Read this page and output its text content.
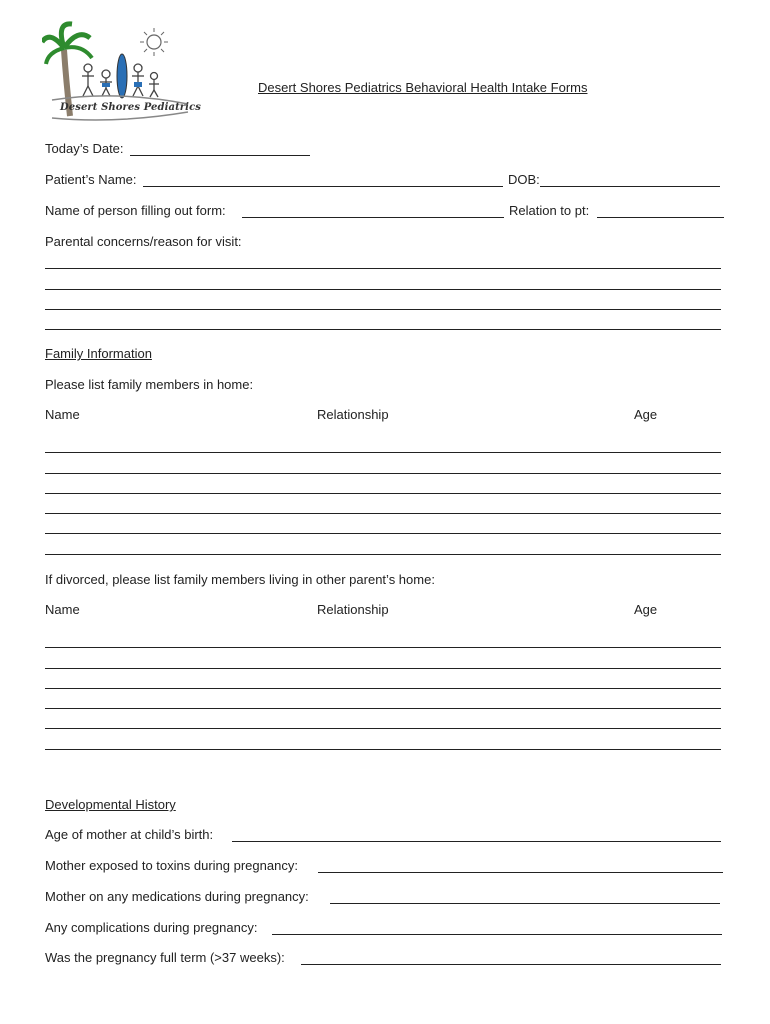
Desert Shores Pediatrics
Desert Shores Pediatrics Behavioral Health Intake Forms
Today’s Date:
Patient’s Name:	DOB:
Name of person filling out form:	Relation to pt:
Parental concerns/reason for visit:
Family Information
Please list family members in home:
Name	Relationship	Age
If divorced, please list family members living in other parent’s home:
Name	Relationship	Age
Developmental History
Age of mother at child’s birth:
Mother exposed to toxins during pregnancy:
Mother on any medications during pregnancy:
Any complications during pregnancy:
Was the pregnancy full term (>37 weeks):
